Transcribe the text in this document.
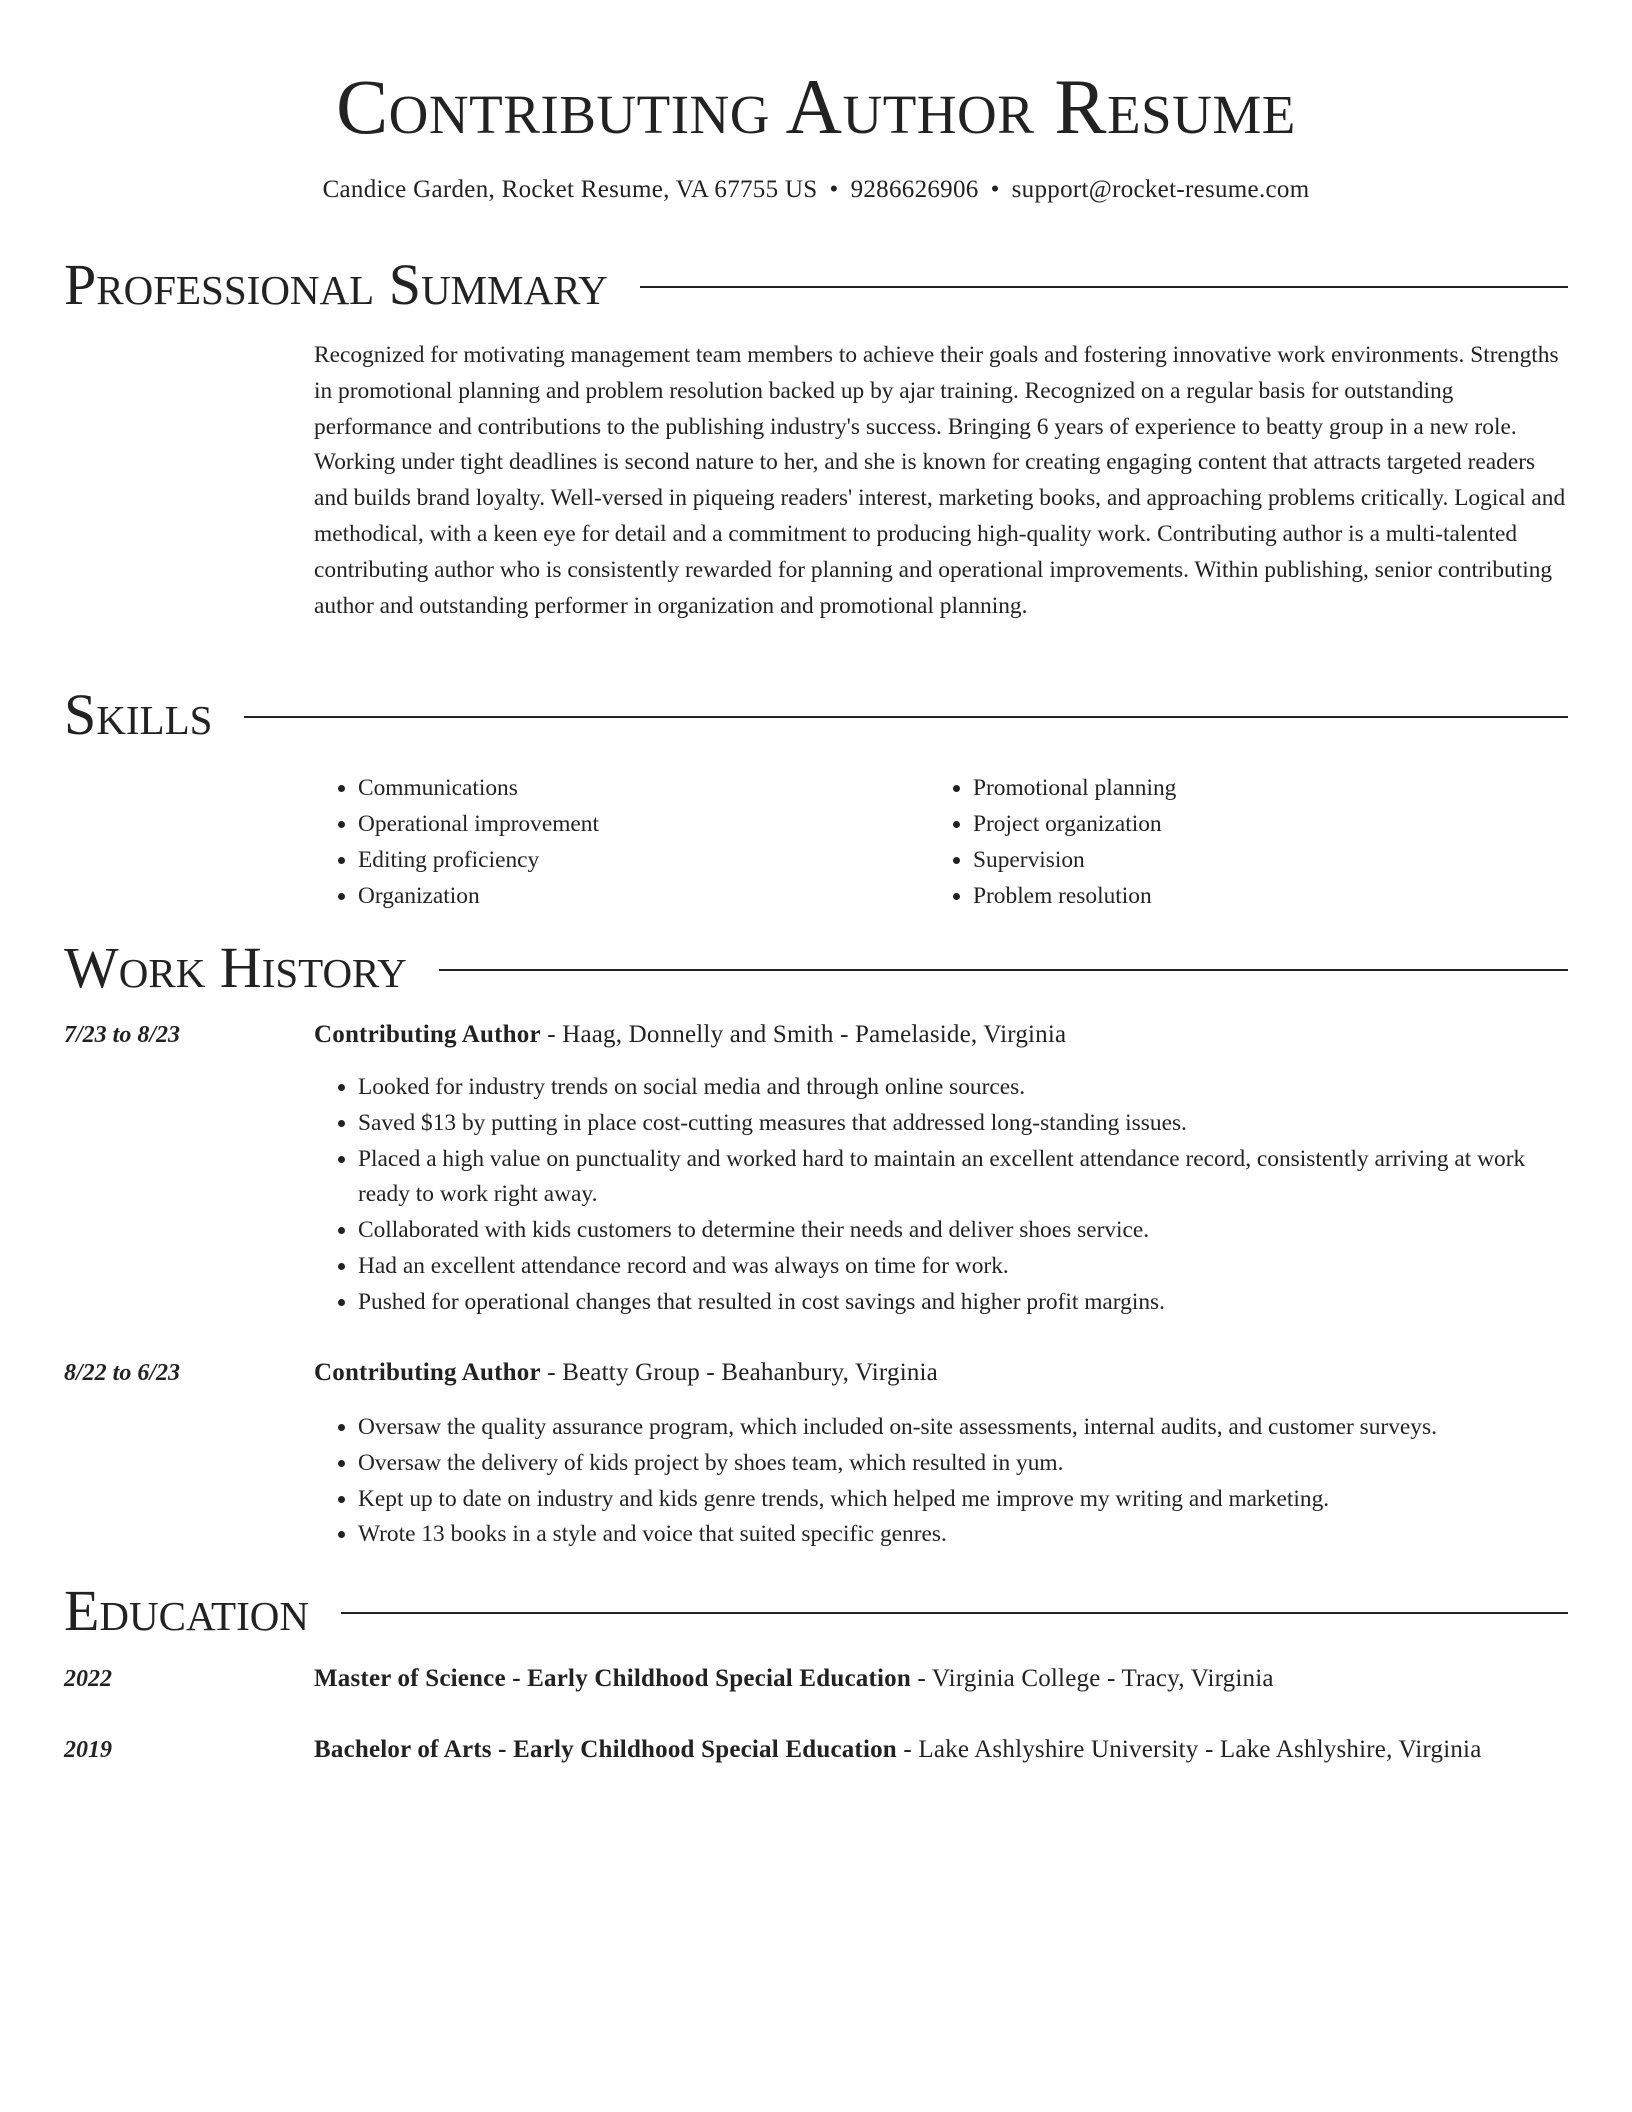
Contributing Author Resume
Candice Garden, Rocket Resume, VA 67755 US • 9286626906 • support@rocket-resume.com
Professional Summary

Recognized for motivating management team members to achieve their goals and fostering innovative work environments. Strengths in promotional planning and problem resolution backed up by ajar training. Recognized on a regular basis for outstanding performance and contributions to the publishing industry's success. Bringing 6 years of experience to beatty group in a new role. Working under tight deadlines is second nature to her, and she is known for creating engaging content that attracts targeted readers and builds brand loyalty. Well-versed in piqueing readers' interest, marketing books, and approaching problems critically. Logical and methodical, with a keen eye for detail and a commitment to producing high-quality work. Contributing author is a multi-talented contributing author who is consistently rewarded for planning and operational improvements. Within publishing, senior contributing author and outstanding performer in organization and promotional planning.

Skills
• Communications
• Operational improvement
• Editing proficiency
• Organization
• Promotional planning
• Project organization
• Supervision
• Problem resolution
Work History
7/23 to 8/23	Contributing Author - Haag, Donnelly and Smith - Pamelaside, Virginia
• Looked for industry trends on social media and through online sources.
• Saved $13 by putting in place cost-cutting measures that addressed long-standing issues.
• Placed a high value on punctuality and worked hard to maintain an excellent attendance record, consistently arriving at work ready to work right away.
• Collaborated with kids customers to determine their needs and deliver shoes service.
• Had an excellent attendance record and was always on time for work.
• Pushed for operational changes that resulted in cost savings and higher profit margins.
8/22 to 6/23	Contributing Author - Beatty Group - Beahanbury, Virginia
• Oversaw the quality assurance program, which included on-site assessments, internal audits, and customer surveys.
• Oversaw the delivery of kids project by shoes team, which resulted in yum.
• Kept up to date on industry and kids genre trends, which helped me improve my writing and marketing.
• Wrote 13 books in a style and voice that suited specific genres.
Education
2022	Master of Science - Early Childhood Special Education - Virginia College - Tracy, Virginia
2019	Bachelor of Arts - Early Childhood Special Education - Lake Ashlyshire University - Lake Ashlyshire, Virginia
